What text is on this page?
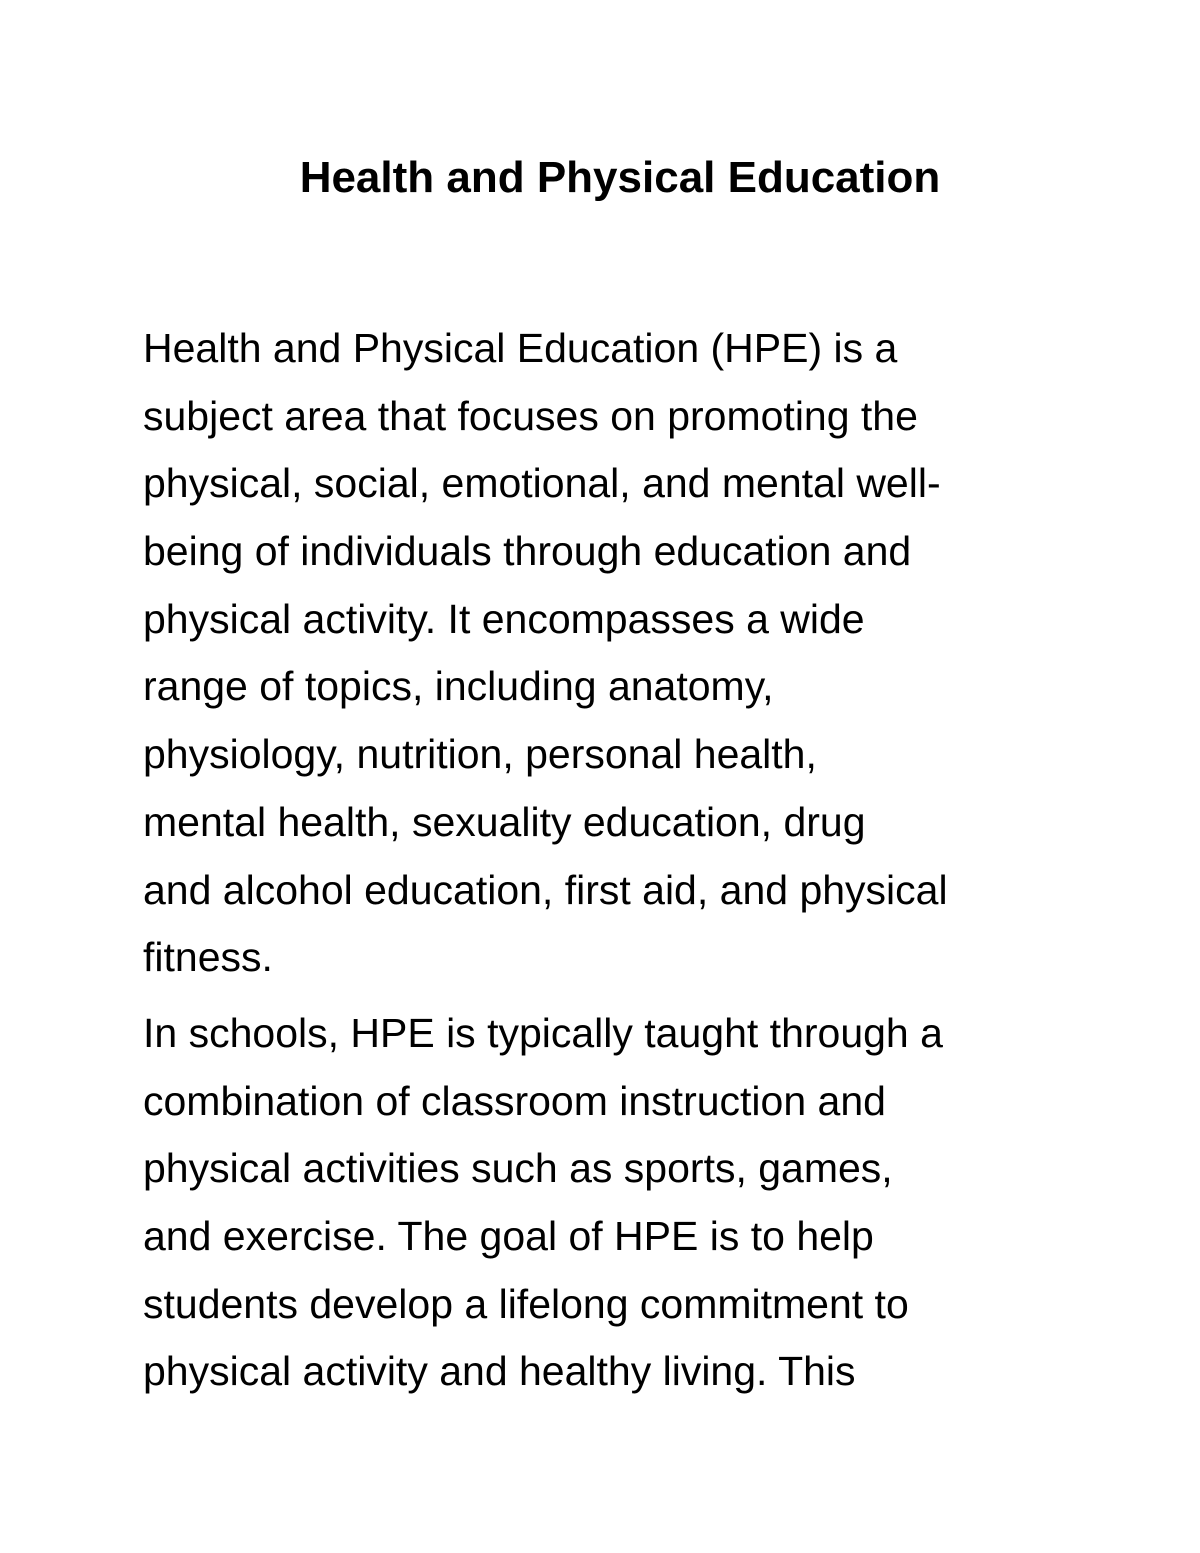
Health and Physical Education
Health and Physical Education (HPE) is a
subject area that focuses on promoting the
physical, social, emotional, and mental well-
being of individuals through education and
physical activity. It encompasses a wide
range of topics, including anatomy,
physiology, nutrition, personal health,
mental health, sexuality education, drug
and alcohol education, first aid, and physical
fitness.
In schools, HPE is typically taught through a
combination of classroom instruction and
physical activities such as sports, games,
and exercise. The goal of HPE is to help
students develop a lifelong commitment to
physical activity and healthy living. This
